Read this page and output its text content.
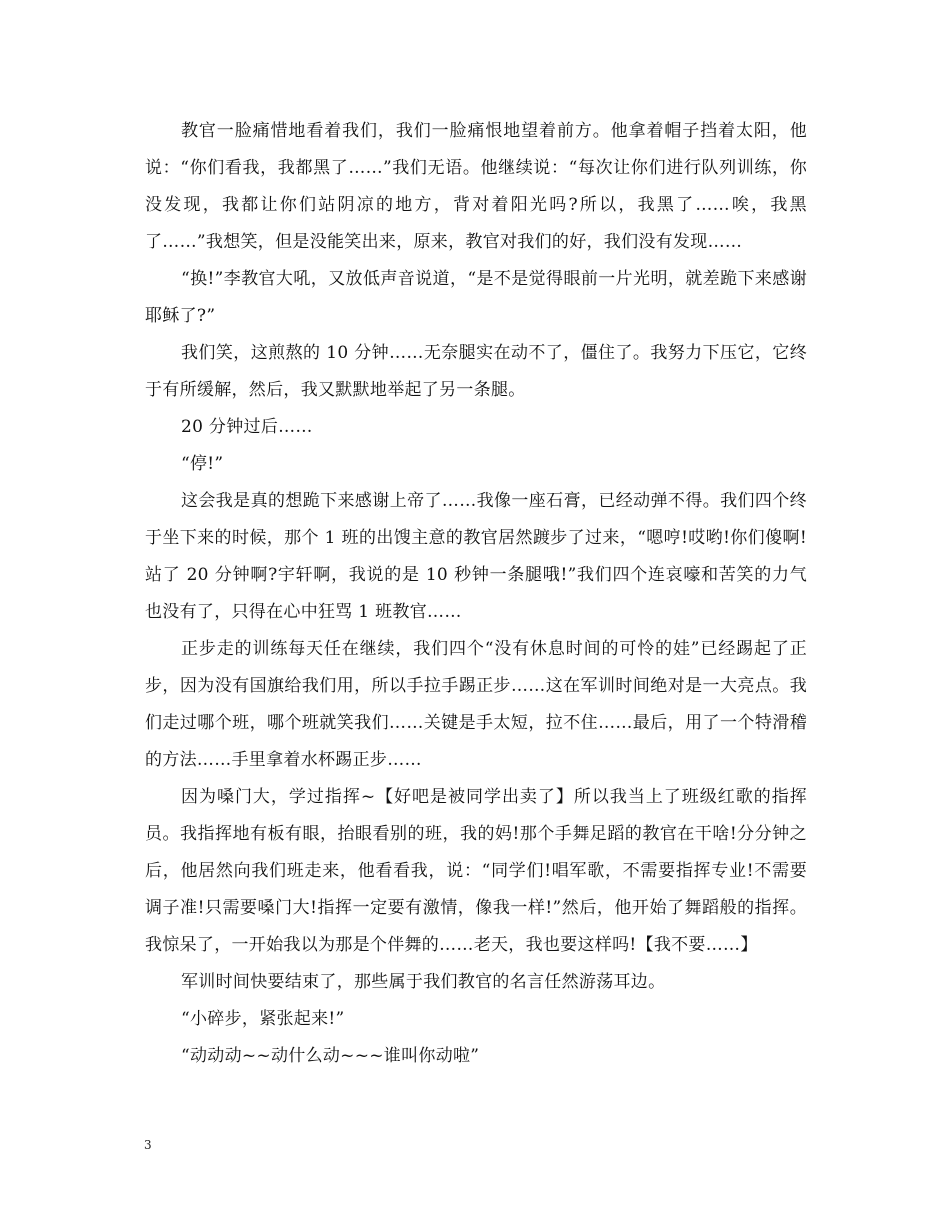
教官一脸痛惜地看着我们，我们一脸痛恨地望着前方。他拿着帽子挡着太阳，他说：“你们看我，我都黑了……”我们无语。他继续说：“每次让你们进行队列训练，你没发现，我都让你们站阴凉的地方，背对着阳光吗?所以，我黑了……唉，我黑了……”我想笑，但是没能笑出来，原来，教官对我们的好，我们没有发现……

“换!”李教官大吼，又放低声音说道，“是不是觉得眼前一片光明，就差跪下来感谢耶稣了?”

我们笑，这煎熬的 10 分钟……无奈腿实在动不了，僵住了。我努力下压它，它终于有所缓解，然后，我又默默地举起了另一条腿。

20 分钟过后……

“停!”

这会我是真的想跪下来感谢上帝了……我像一座石膏，已经动弹不得。我们四个终于坐下来的时候，那个 1 班的出馊主意的教官居然踱步了过来，“嗯哼!哎哟!你们傻啊!站了 20 分钟啊?宇轩啊，我说的是 10 秒钟一条腿哦!”我们四个连哀嚎和苦笑的力气也没有了，只得在心中狂骂 1 班教官……

正步走的训练每天任在继续，我们四个“没有休息时间的可怜的娃”已经踢起了正步，因为没有国旗给我们用，所以手拉手踢正步……这在军训时间绝对是一大亮点。我们走过哪个班，哪个班就笑我们……关键是手太短，拉不住……最后，用了一个特滑稽的方法……手里拿着水杯踢正步……

因为嗓门大，学过指挥~【好吧是被同学出卖了】所以我当上了班级红歌的指挥员。我指挥地有板有眼，抬眼看别的班，我的妈!那个手舞足蹈的教官在干啥!分分钟之后，他居然向我们班走来，他看看我，说：“同学们!唱军歌，不需要指挥专业!不需要调子准!只需要嗓门大!指挥一定要有激情，像我一样!”然后，他开始了舞蹈般的指挥。我惊呆了，一开始我以为那是个伴舞的……老天，我也要这样吗!【我不要……】

军训时间快要结束了，那些属于我们教官的名言任然游荡耳边。

“小碎步，紧张起来!”

“动动动~~动什么动~~~谁叫你动啦”

3
